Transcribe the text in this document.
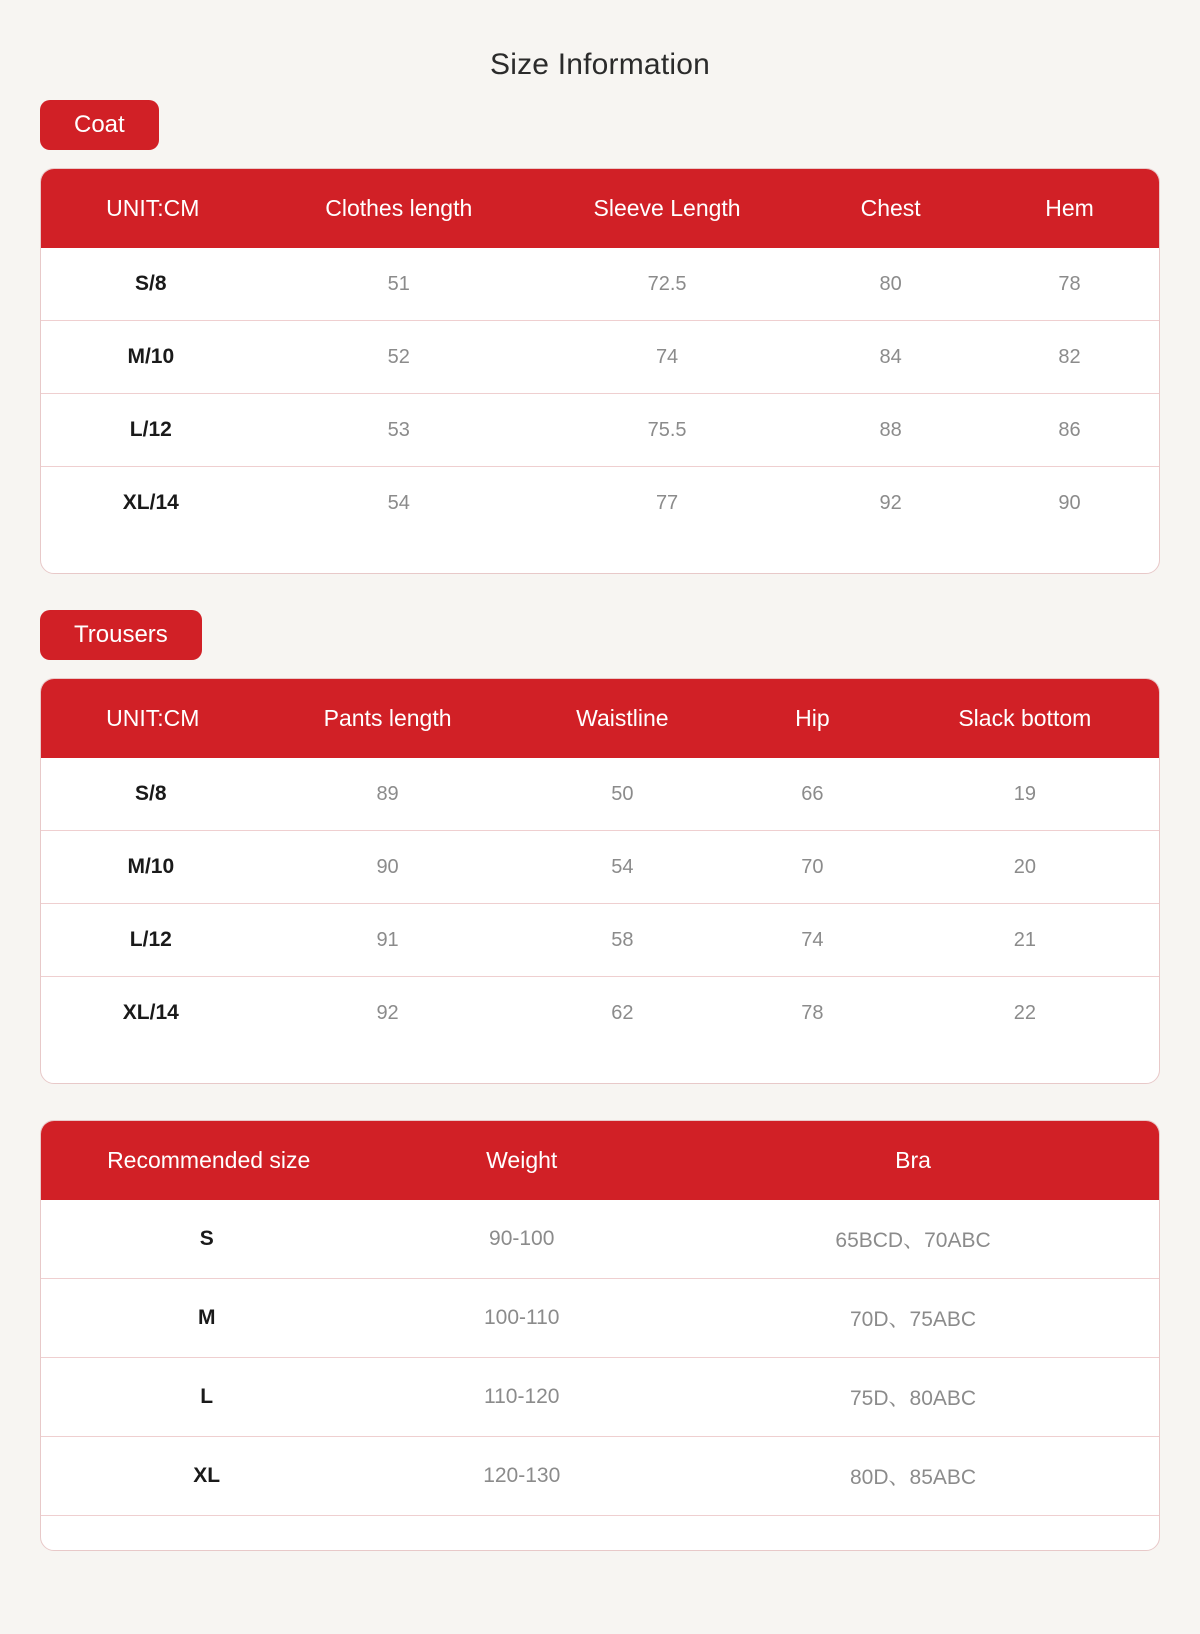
Size Information
Coat
UNIT:CM	Clothes length	Sleeve Length	Chest	Hem
S/8	51	72.5	80	78
M/10	52	74	84	82
L/12	53	75.5	88	86
XL/14	54	77	92	90
Trousers
UNIT:CM	Pants length	Waistline	Hip	Slack bottom
S/8	89	50	66	19
M/10	90	54	70	20
L/12	91	58	74	21
XL/14	92	62	78	22
Recommended size	Weight	Bra
S	90-100	65BCD、70ABC
M	100-110	70D、75ABC
L	110-120	75D、80ABC
XL	120-130	80D、85ABC
